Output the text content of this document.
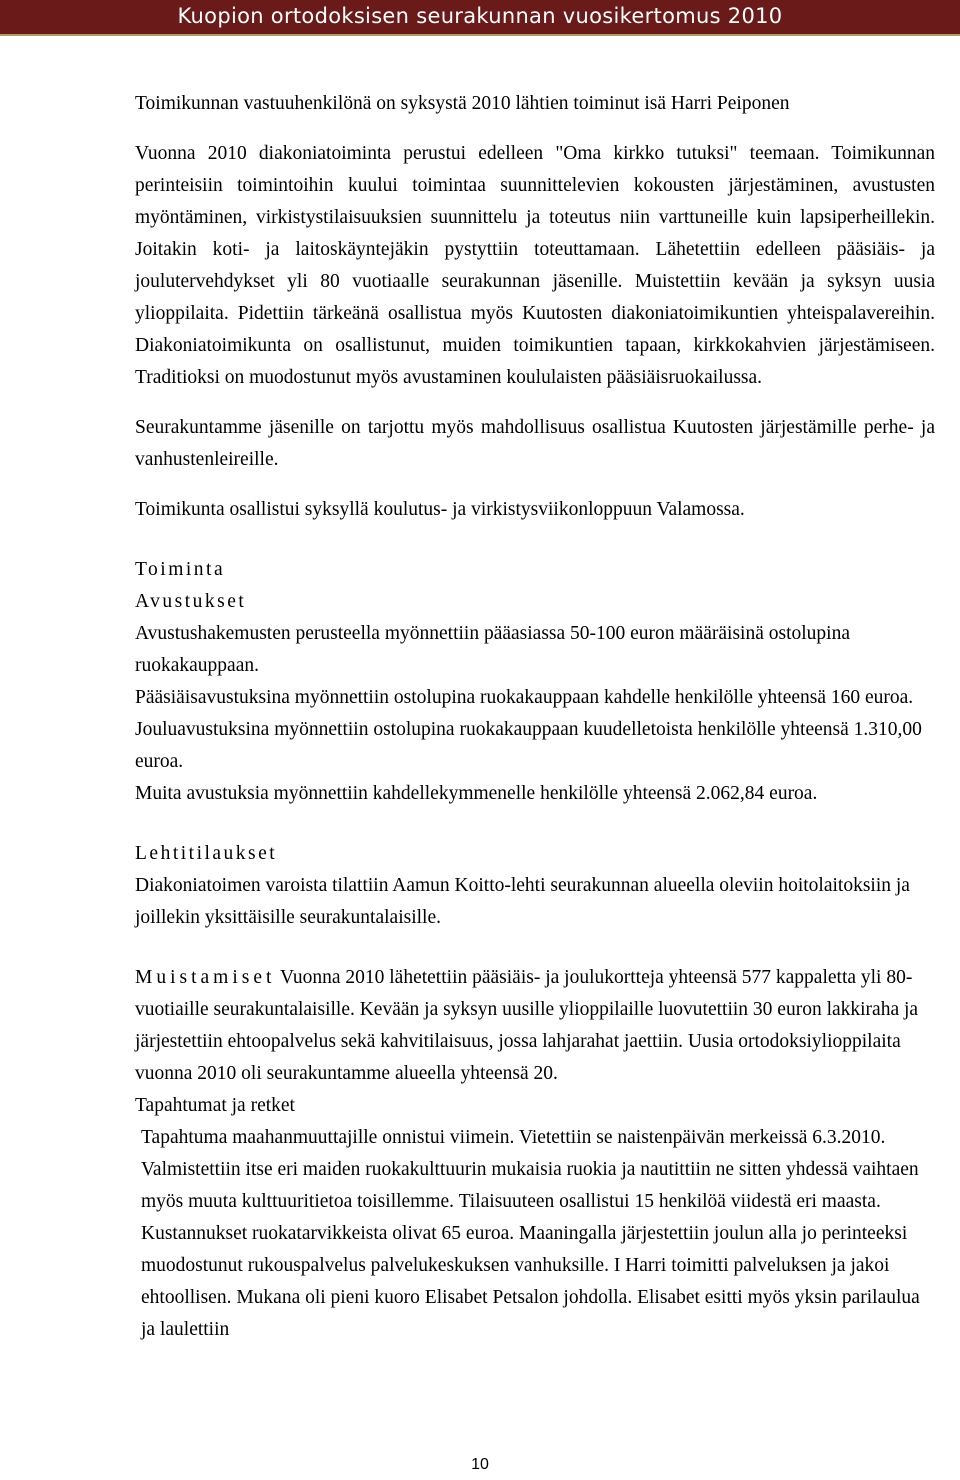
Kuopion ortodoksisen seurakunnan vuosikertomus 2010

Toimikunnan vastuuhenkilönä on syksystä 2010 lähtien toiminut isä Harri Peiponen

Vuonna 2010 diakoniatoiminta perustui edelleen "Oma kirkko tutuksi" teemaan. Toimikunnan perinteisiin toimintoihin kuului toimintaa suunnittelevien kokousten järjestäminen, avustusten myöntäminen, virkistystilaisuuksien suunnittelu ja toteutus niin varttuneille kuin lapsiperheillekin. Joitakin koti- ja laitoskäyntejäkin pystyttiin toteuttamaan. Lähetettiin edelleen pääsiäis- ja joulutervehdykset yli 80 vuotiaalle seurakunnan jäsenille. Muistettiin kevään ja syksyn uusia ylioppilaita. Pidettiin tärkeänä osallistua myös Kuutosten diakoniatoimikuntien yhteispalavereihin. Diakoniatoimikunta on osallistunut, muiden toimikuntien tapaan, kirkkokahvien järjestämiseen. Traditioksi on muodostunut myös avustaminen koululaisten pääsiäisruokailussa.

Seurakuntamme jäsenille on tarjottu myös mahdollisuus osallistua Kuutosten järjestämille perhe- ja vanhustenleireille.

Toimikunta osallistui syksyllä koulutus- ja virkistysviikonloppuun Valamossa.

Toiminta
Avustukset

Avustushakemusten perusteella myönnettiin pääasiassa 50-100 euron määräisinä ostolupina ruokakauppaan.

Pääsiäisavustuksina myönnettiin ostolupina ruokakauppaan kahdelle henkilölle yhteensä 160 euroa.

Jouluavustuksina myönnettiin ostolupina ruokakauppaan kuudelletoista henkilölle yhteensä 1.310,00 euroa.

Muita avustuksia myönnettiin kahdellekymmenelle henkilölle yhteensä 2.062,84 euroa.

Lehtitilaukset

Diakoniatoimen varoista tilattiin Aamun Koitto-lehti seurakunnan alueella oleviin hoitolaitoksiin ja joillekin yksittäisille seurakuntalaisille.

Muistamiset Vuonna 2010 lähetettiin pääsiäis- ja joulukortteja yhteensä 577 kappaletta yli 80- vuotiaille seurakuntalaisille. Kevään ja syksyn uusille ylioppilaille luovutettiin 30 euron lakkiraha ja järjestettiin ehtoopalvelus sekä kahvitilaisuus, jossa lahjarahat jaettiin. Uusia ortodoksiylioppilaita vuonna 2010 oli seurakuntamme alueella yhteensä 20.

Tapahtumat ja retket

Tapahtuma maahanmuuttajille onnistui viimein. Vietettiin se naistenpäivän merkeissä 6.3.2010. Valmistettiin itse eri maiden ruokakulttuurin mukaisia ruokia ja nautittiin ne sitten yhdessä vaihtaen myös muuta kulttuuritietoa toisillemme. Tilaisuuteen osallistui 15 henkilöä viidestä eri maasta. Kustannukset ruokatarvikkeista olivat 65 euroa. Maaningalla järjestettiin joulun alla jo perinteeksi muodostunut rukouspalvelus palvelukeskuksen vanhuksille. I Harri toimitti palveluksen ja jakoi ehtoollisen. Mukana oli pieni kuoro Elisabet Petsalon johdolla. Elisabet esitti myös yksin parilaulua ja laulettiin

10
